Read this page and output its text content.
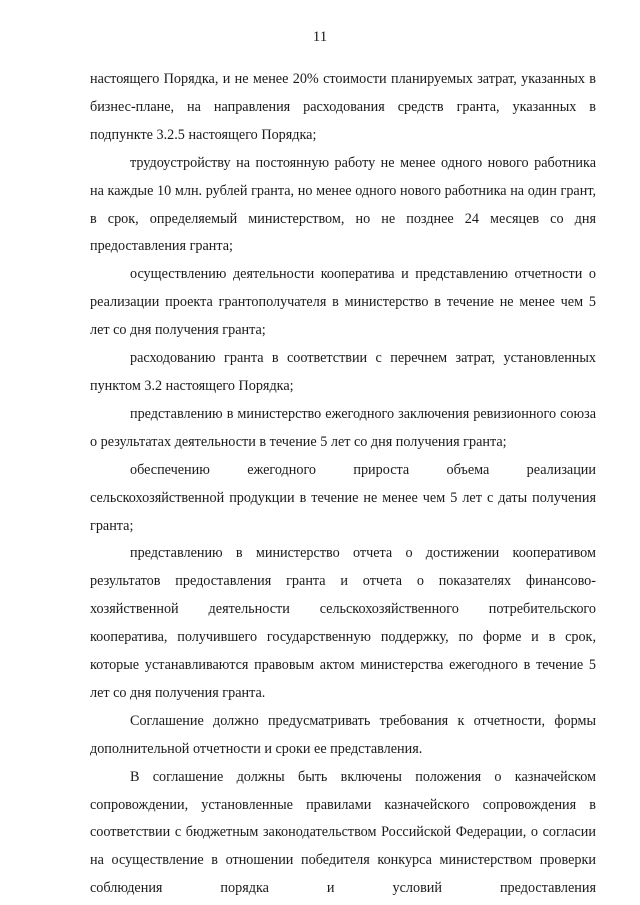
11

настоящего Порядка, и не менее 20% стоимости планируемых затрат, указанных в бизнес-плане, на направления расходования средств гранта, указанных в подпункте 3.2.5 настоящего Порядка;

трудоустройству на постоянную работу не менее одного нового работника на каждые 10 млн. рублей гранта, но менее одного нового работника на один грант, в срок, определяемый министерством, но не позднее 24 месяцев со дня предоставления гранта;

осуществлению деятельности кооператива и представлению отчетности о реализации проекта грантополучателя в министерство в течение не менее чем 5 лет со дня получения гранта;

расходованию гранта в соответствии с перечнем затрат, установленных пунктом 3.2 настоящего Порядка;

представлению в министерство ежегодного заключения ревизионного союза о результатах деятельности в течение 5 лет со дня получения гранта;

обеспечению ежегодного прироста объема реализации сельскохозяйственной продукции в течение не менее чем 5 лет с даты получения гранта;

представлению в министерство отчета о достижении кооперативом результатов предоставления гранта и отчета о показателях финансово-хозяйственной деятельности сельскохозяйственного потребительского кооператива, получившего государственную поддержку, по форме и в срок, которые устанавливаются правовым актом министерства ежегодного в течение 5 лет со дня получения гранта.

Соглашение должно предусматривать требования к отчетности, формы дополнительной отчетности и сроки ее представления.

В соглашение должны быть включены положения о казначейском сопровождении, установленные правилами казначейского сопровождения в соответствии с бюджетным законодательством Российской Федерации, о согласии на осуществление в отношении победителя конкурса министерством проверки соблюдения порядка и условий предоставления
